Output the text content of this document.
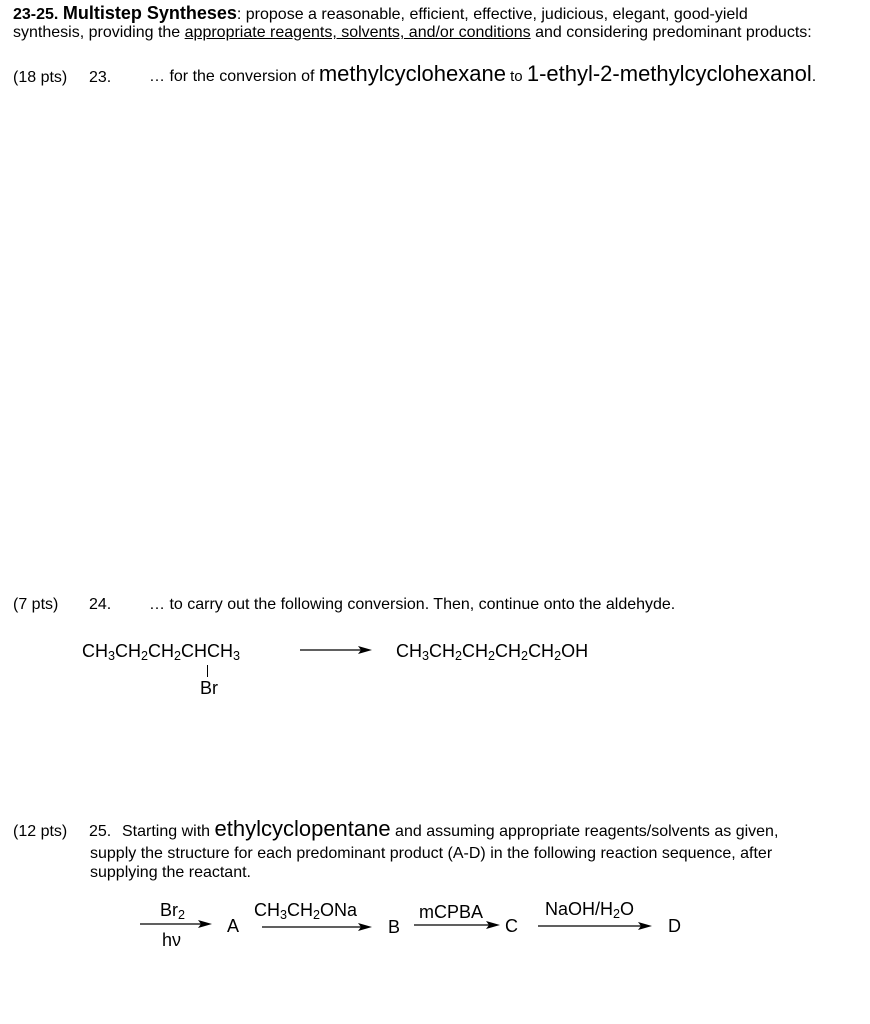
23-25. Multistep Syntheses: propose a reasonable, efficient, effective, judicious, elegant, good-yield
synthesis, providing the appropriate reagents, solvents, and/or conditions and considering predominant products:
(18 pts) 23. … for the conversion of methylcyclohexane to 1-ethyl-2-methylcyclohexanol.
(7 pts) 24. … to carry out the following conversion. Then, continue onto the aldehyde.
$CH_3CH_2CH_2CHCH_3$
Br
$CH_3CH_2CH_2CH_2CH_2OH$
(12 pts) 25. Starting with ethylcyclopentane and assuming appropriate reagents/solvents as given,
supply the structure for each predominant product (A-D) in the following reaction sequence, after
supplying the reactant.
$Br_2$
hν
A
$CH_3CH_2ONa$
B
mCPBA
C
NaOH/$H_2O$
D
